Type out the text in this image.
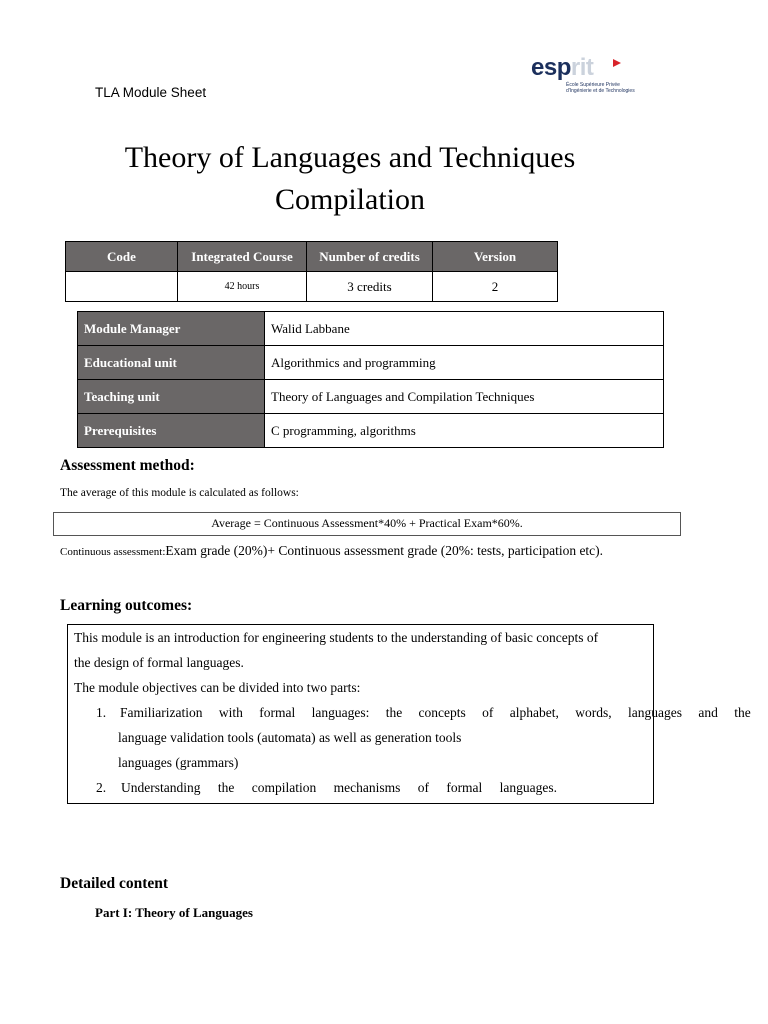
TLA Module Sheet
esprit
École Supérieure Privée
d'Ingénierie et de Technologies
Theory of Languages and Techniques
Compilation
Code	Integrated Course	Number of credits	Version
	42 hours	3 credits	2
Module Manager	Walid Labbane
Educational unit	Algorithmics and programming
Teaching unit	Theory of Languages and Compilation Techniques
Prerequisites	C programming, algorithms
Assessment method:
The average of this module is calculated as follows:
Average = Continuous Assessment*40% + Practical Exam*60%.
Continuous assessment:Exam grade (20%)+ Continuous assessment grade (20%: tests, participation etc).
Learning outcomes:
This module is an introduction for engineering students to the understanding of basic concepts of
the design of formal languages.
The module objectives can be divided into two parts:
1. Familiarization with formal languages: the concepts of alphabet, words, languages and the
language validation tools (automata) as well as generation tools
languages (grammars)
2. Understanding the compilation mechanisms of formal languages.
Detailed content
Part I: Theory of Languages
